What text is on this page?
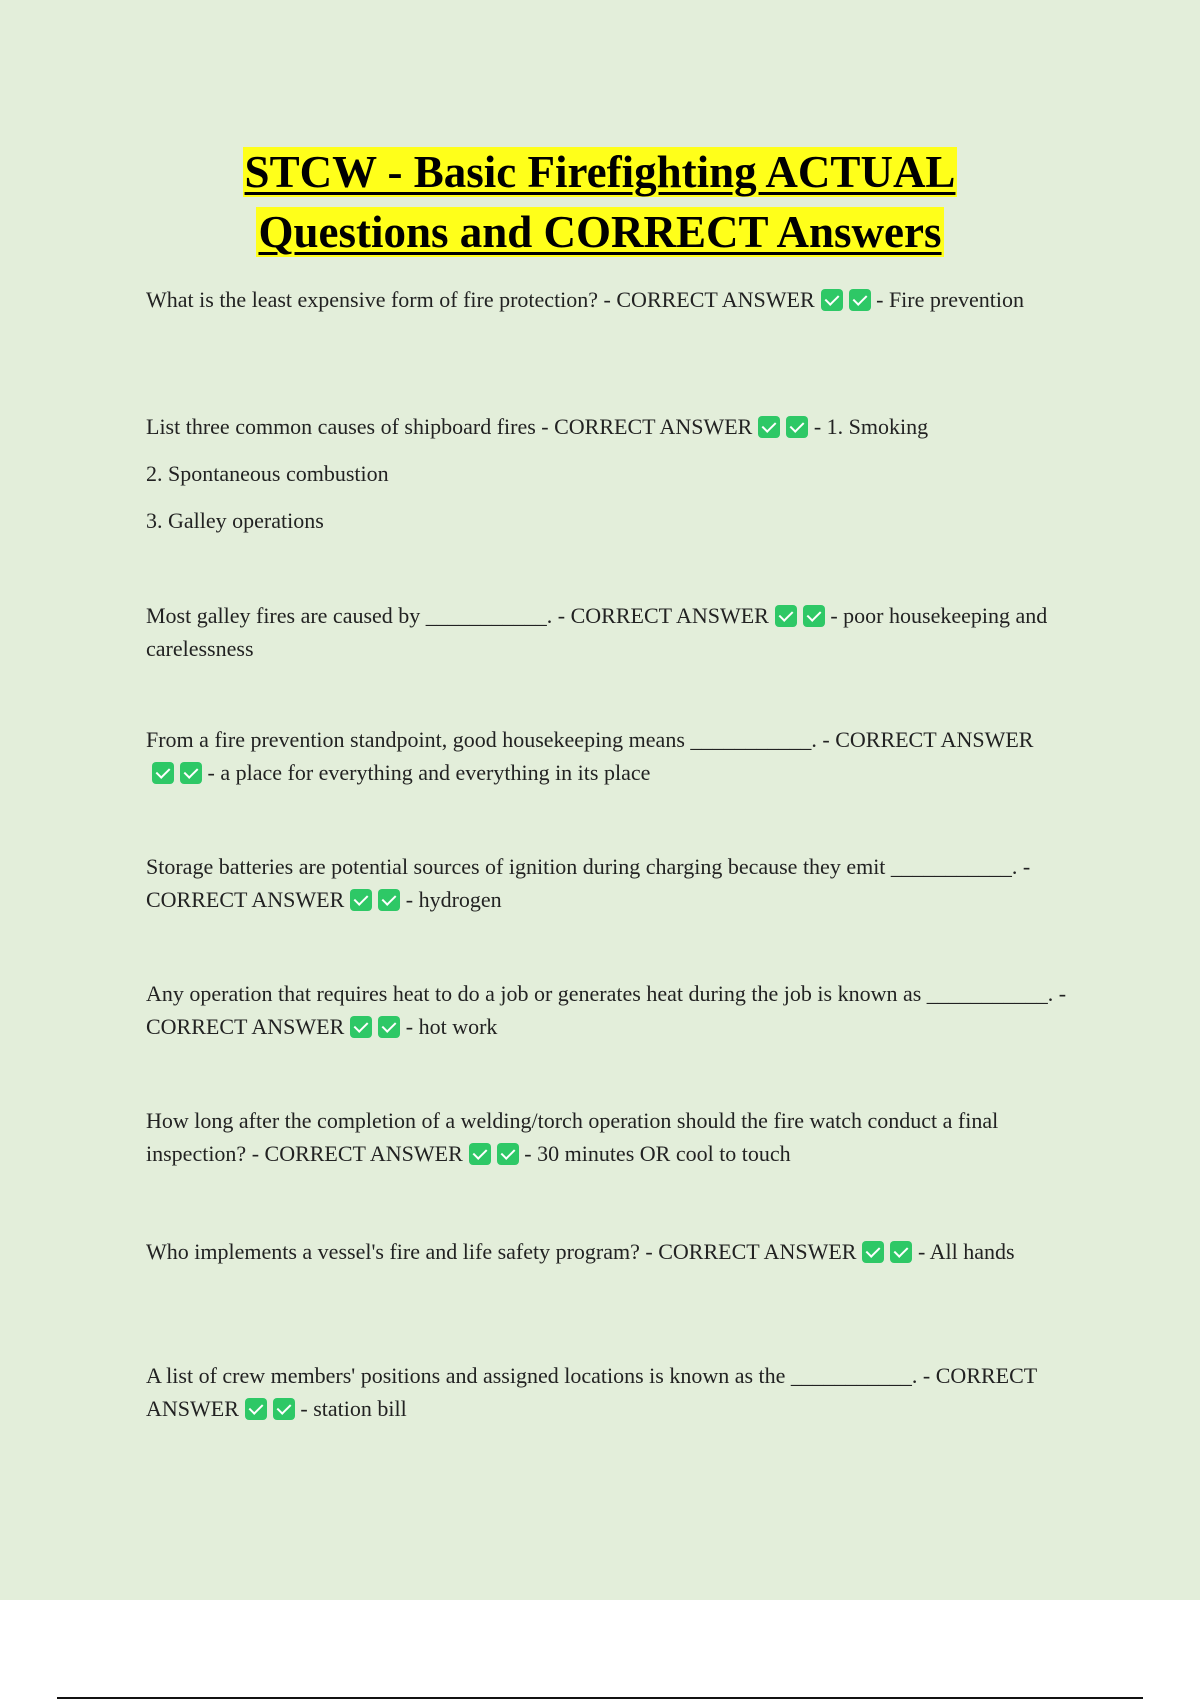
STCW - Basic Firefighting ACTUAL
Questions and CORRECT Answers
What is the least expensive form of fire protection? - CORRECT ANSWER	- Fire prevention
List three common causes of shipboard fires - CORRECT ANSWER	- 1. Smoking
2. Spontaneous combustion
3. Galley operations
Most galley fires are caused by ___________. - CORRECT ANSWER	- poor housekeeping and carelessness
From a fire prevention standpoint, good housekeeping means ___________. - CORRECT ANSWER - a place for everything and everything in its place
Storage batteries are potential sources of ignition during charging because they emit ___________. - CORRECT ANSWER	- hydrogen
Any operation that requires heat to do a job or generates heat during the job is known as ___________. - CORRECT ANSWER	- hot work
How long after the completion of a welding/torch operation should the fire watch conduct a final inspection? - CORRECT ANSWER	- 30 minutes OR cool to touch
Who implements a vessel's fire and life safety program? - CORRECT ANSWER	- All hands
A list of crew members' positions and assigned locations is known as the ___________. - CORRECT ANSWER	- station bill
